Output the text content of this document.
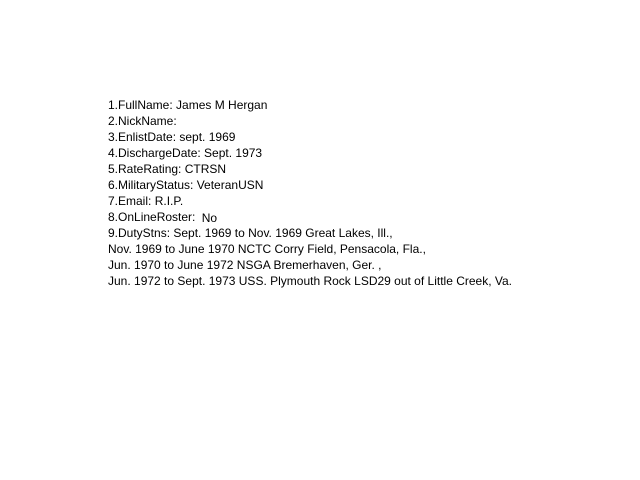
1.FullName: James M Hergan
2.NickName:
3.EnlistDate: sept. 1969
4.DischargeDate: Sept. 1973
5.RateRating: CTRSN
6.MilitaryStatus: VeteranUSN
7.Email: R.I.P.
8.OnLineRoster: No
9.DutyStns: Sept. 1969 to Nov. 1969 Great Lakes, Ill.,
Nov. 1969 to June 1970 NCTC Corry Field, Pensacola, Fla.,
Jun. 1970 to June 1972 NSGA Bremerhaven, Ger. ,
Jun. 1972 to Sept. 1973 USS. Plymouth Rock LSD29 out of Little Creek, Va.
